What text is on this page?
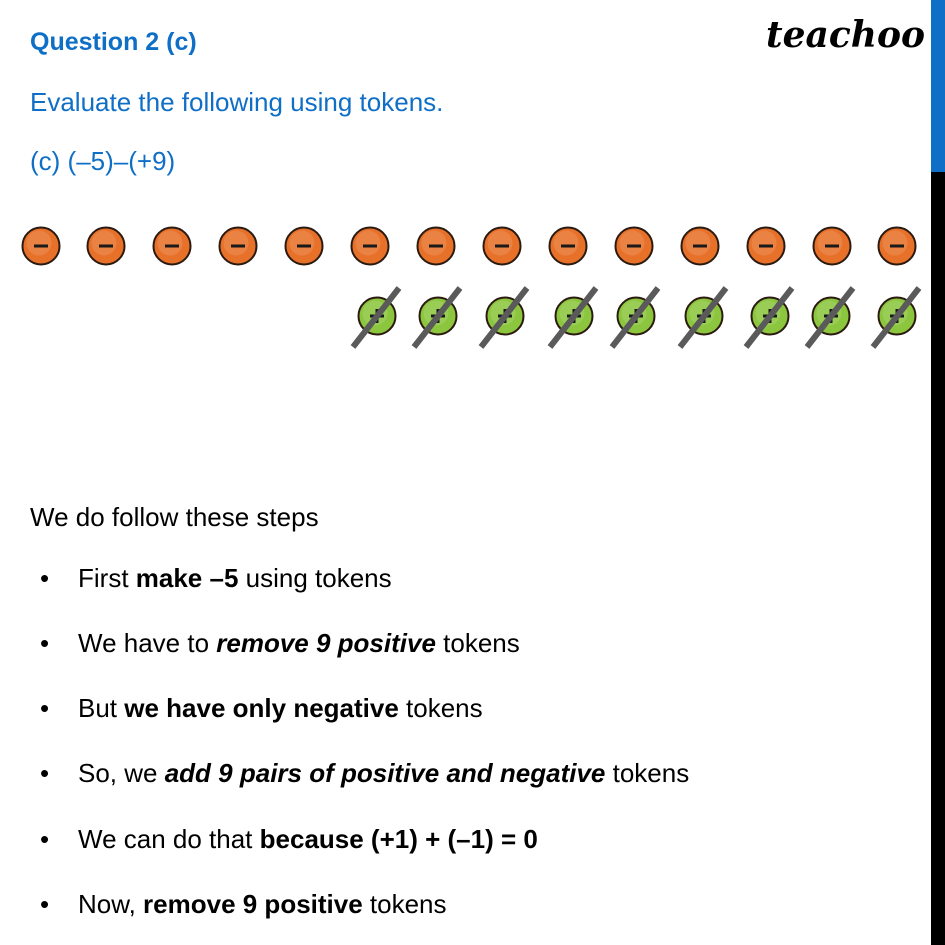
Question 2 (c)
Evaluate the following using tokens.
(c) (–5)–(+9)
teachoo
We do follow these steps
• First make –5 using tokens
• We have to remove 9 positive tokens
• But we have only negative tokens
• So, we add 9 pairs of positive and negative tokens
• We can do that because (+1) + (–1) = 0
• Now, remove 9 positive tokens
